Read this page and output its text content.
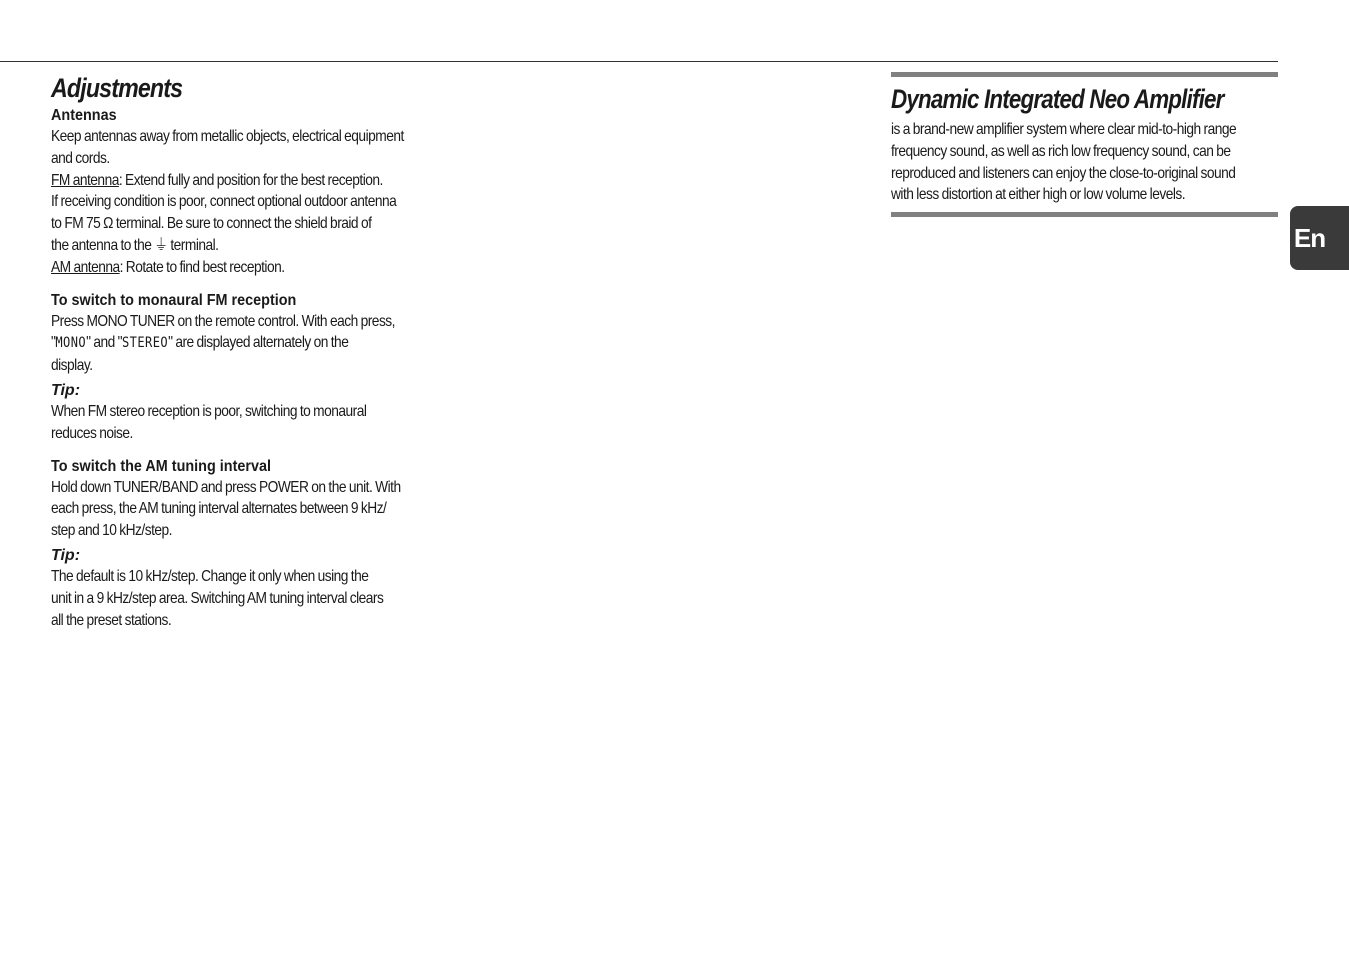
Adjustments
Antennas

Keep antennas away from metallic objects, electrical equipment

and cords.

FM antenna: Extend fully and position for the best reception.

If receiving condition is poor, connect optional outdoor antenna

to FM 75 Ω terminal. Be sure to connect the shield braid of

the antenna to the ⏚ terminal.

AM antenna: Rotate to find best reception.

To switch to monaural FM reception

Press MONO TUNER on the remote control. With each press,

"MONO" and "STEREO" are displayed alternately on the

display.

Tip:

When FM stereo reception is poor, switching to monaural

reduces noise.

To switch the AM tuning interval

Hold down TUNER/BAND and press POWER on the unit. With

each press, the AM tuning interval alternates between 9 kHz/

step and 10 kHz/step.

Tip:

The default is 10 kHz/step. Change it only when using the

unit in a 9 kHz/step area. Switching AM tuning interval clears

all the preset stations.

Dynamic Integrated Neo Amplifier

is a brand-new amplifier system where clear mid-to-high range

frequency sound, as well as rich low frequency sound, can be

reproduced and listeners can enjoy the close-to-original sound

with less distortion at either high or low volume levels.

En
